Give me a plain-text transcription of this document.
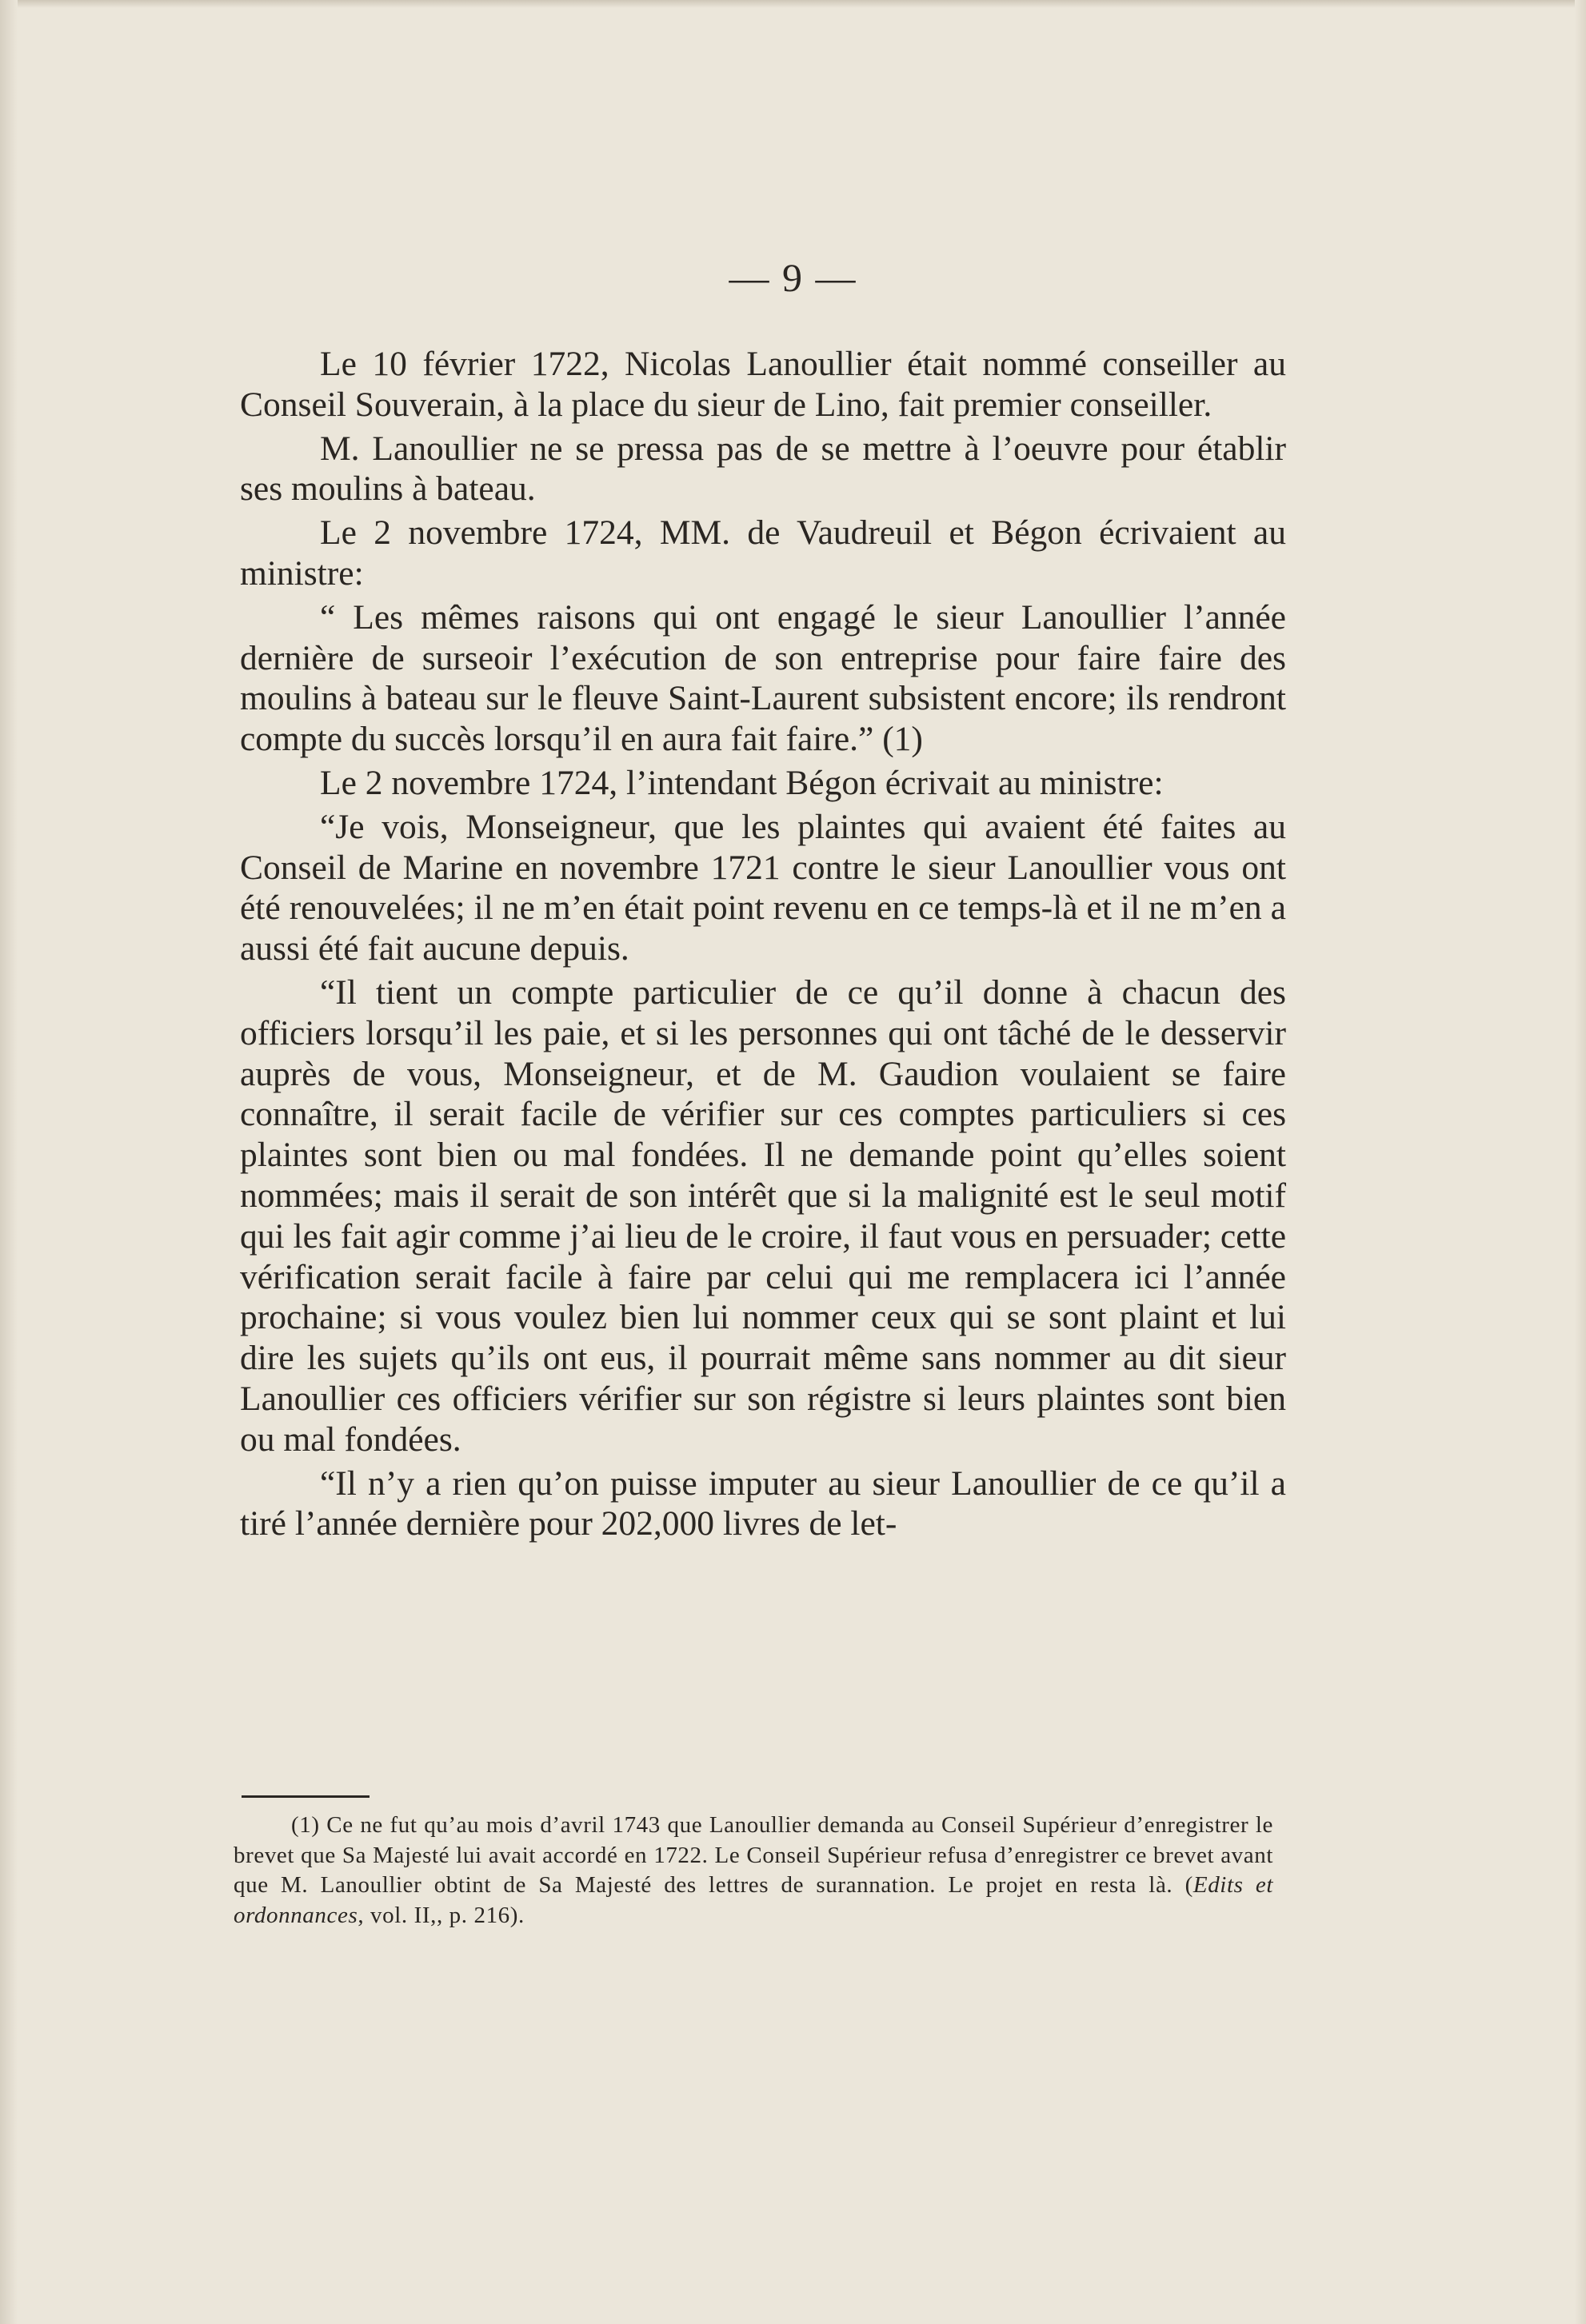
— 9 —

Le 10 février 1722, Nicolas Lanoullier était nommé conseiller au Conseil Souverain, à la place du sieur de Lino, fait premier conseiller.

M. Lanoullier ne se pressa pas de se mettre à l’oeuvre pour établir ses moulins à bateau.

Le 2 novembre 1724, MM. de Vaudreuil et Bégon écrivaient au ministre:

“ Les mêmes raisons qui ont engagé le sieur Lanoullier l’année dernière de surseoir l’exécution de son entreprise pour faire faire des moulins à bateau sur le fleuve Saint-Laurent subsistent encore; ils rendront compte du succès lorsqu’il en aura fait faire.” (1)

Le 2 novembre 1724, l’intendant Bégon écrivait au ministre:

“Je vois, Monseigneur, que les plaintes qui avaient été faites au Conseil de Marine en novembre 1721 contre le sieur Lanoullier vous ont été renouvelées; il ne m’en était point revenu en ce temps-là et il ne m’en a aussi été fait aucune depuis.

“Il tient un compte particulier de ce qu’il donne à chacun des officiers lorsqu’il les paie, et si les personnes qui ont tâché de le desservir auprès de vous, Monseigneur, et de M. Gaudion voulaient se faire connaître, il serait facile de vérifier sur ces comptes particuliers si ces plaintes sont bien ou mal fondées. Il ne demande point qu’elles soient nommées; mais il serait de son intérêt que si la malignité est le seul motif qui les fait agir comme j’ai lieu de le croire, il faut vous en persuader; cette vérification serait facile à faire par celui qui me remplacera ici l’année prochaine; si vous voulez bien lui nommer ceux qui se sont plaint et lui dire les sujets qu’ils ont eus, il pourrait même sans nommer au dit sieur Lanoullier ces officiers vérifier sur son régistre si leurs plaintes sont bien ou mal fondées.

“Il n’y a rien qu’on puisse imputer au sieur Lanoullier de ce qu’il a tiré l’année dernière pour 202,000 livres de let-

(1) Ce ne fut qu’au mois d’avril 1743 que Lanoullier demanda au Conseil Supérieur d’enregistrer le brevet que Sa Majesté lui avait accordé en 1722. Le Conseil Supérieur refusa d’enregistrer ce brevet avant que M. Lanoullier obtint de Sa Majesté des lettres de surannation. Le projet en resta là. (Edits et ordonnances, vol. II,, p. 216).
